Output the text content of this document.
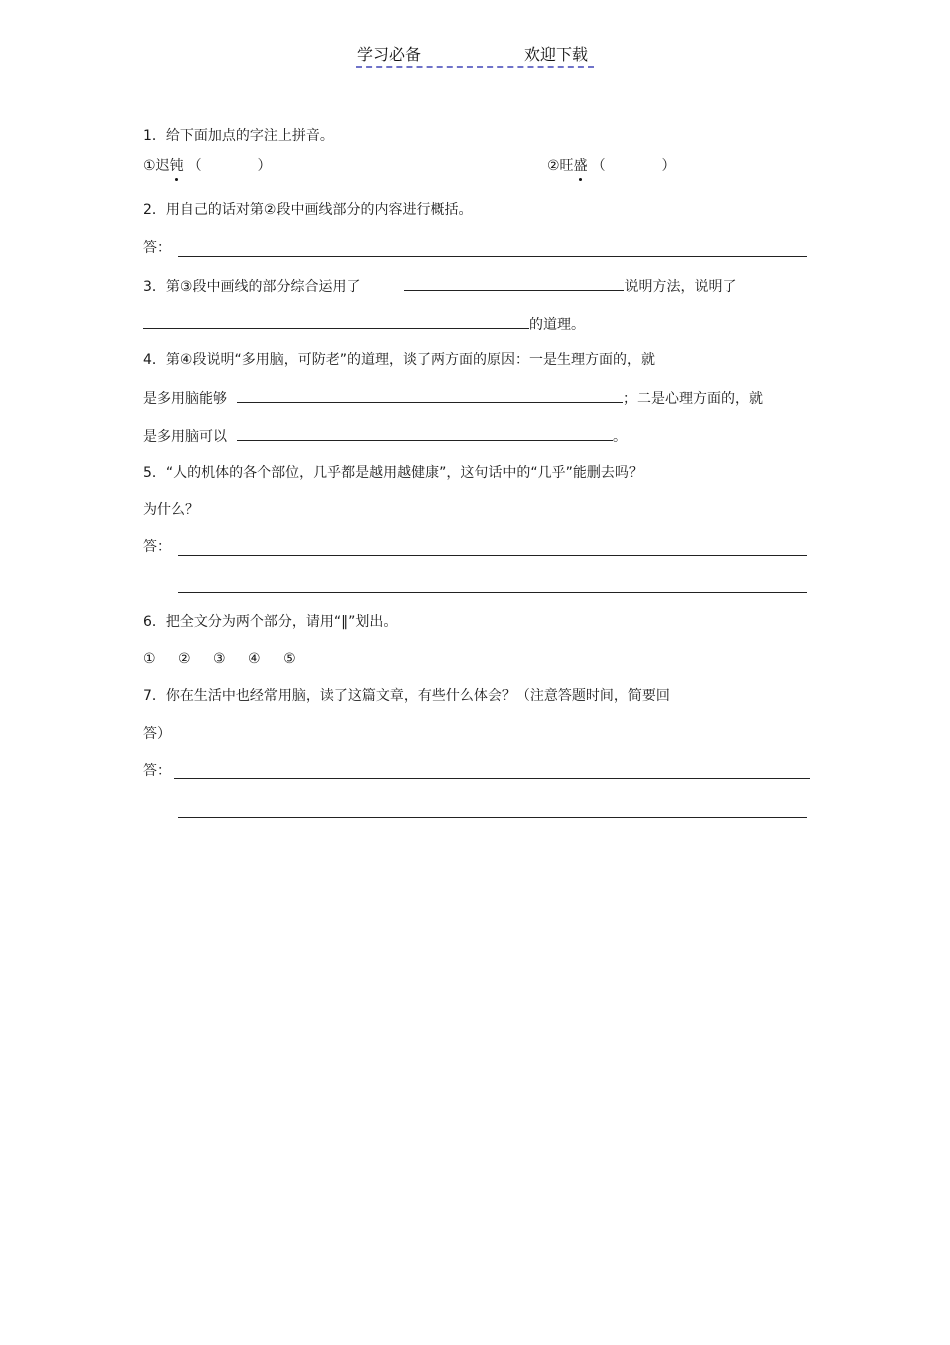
学习必备	欢迎下载
1．给下面加点的字注上拼音。
①迟钝 （　　　　）	②旺盛 （　　　　）
2．用自己的话对第②段中画线部分的内容进行概括。
答：
3．第③段中画线的部分综合运用了	说明方法，说明了
的道理。
4．第④段说明“多用脑，可防老”的道理，谈了两方面的原因：一是生理方面的，就
是多用脑能够	；二是心理方面的，就
是多用脑可以	。
5．“人的机体的各个部位，几乎都是越用越健康”，这句话中的“几乎”能删去吗？
为什么？
答：
6．把全文分为两个部分，请用“‖”划出。
① ② ③ ④ ⑤
7．你在生活中也经常用脑，读了这篇文章，有些什么体会？（注意答题时间，简要回
答）
答：
